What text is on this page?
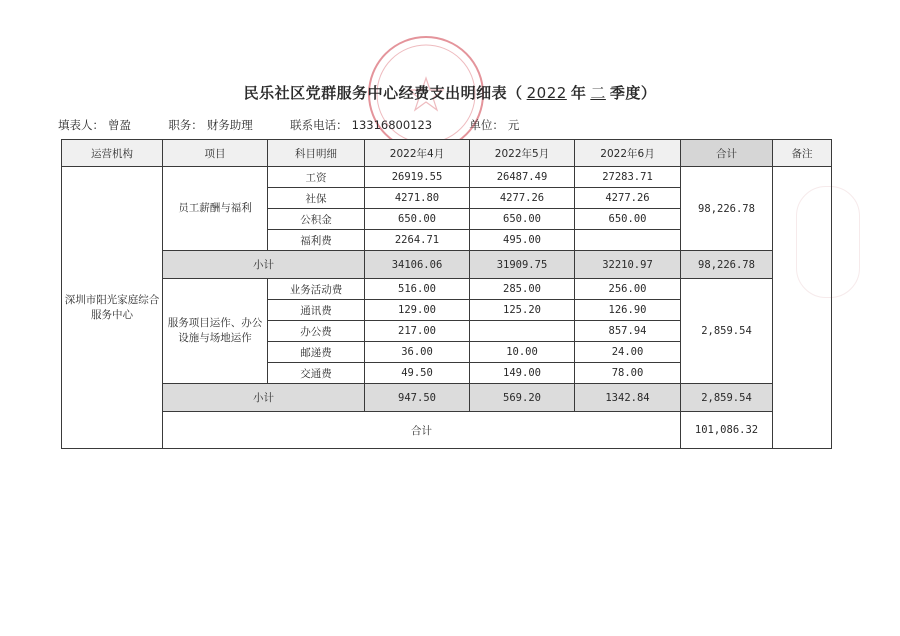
民乐社区党群服务中心经费支出明细表（ 2022 年 二 季度）
填表人： 曾盈	职务： 财务助理	联系电话： 13316800123	单位： 元
运营机构	项目	科目明细	2022年4月	2022年5月	2022年6月	合计	备注
深圳市阳光家庭综合服务中心	员工薪酬与福利	工资	26919.55	26487.49	27283.71	98,226.78	
		社保	4271.80	4277.26	4277.26		
		公积金	650.00	650.00	650.00		
		福利费	2264.71	495.00			
	小计		34106.06	31909.75	32210.97	98,226.78	
	服务项目运作、办公设施与场地运作	业务活动费	516.00	285.00	256.00	2,859.54	
		通讯费	129.00	125.20	126.90		
		办公费	217.00		857.94		
		邮递费	36.00	10.00	24.00		
		交通费	49.50	149.00	78.00		
	小计		947.50	569.20	1342.84	2,859.54	
	合计					101,086.32	
